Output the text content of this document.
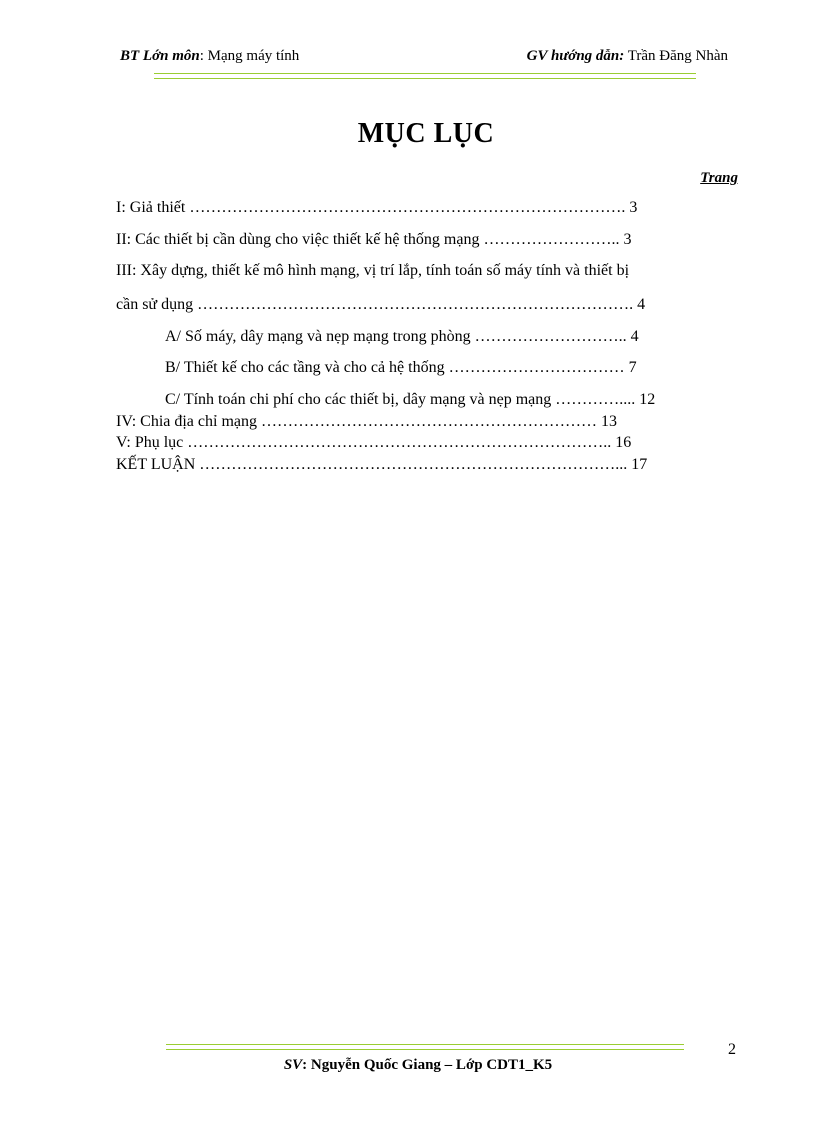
BT Lớn môn: Mạng máy tính	GV hướng dẫn: Trần Đăng Nhàn
MỤC LỤC
Trang
I: Giả thiết ………………………………………………………………………. 3
II: Các thiết bị cần dùng cho việc thiết kế hệ thống mạng …………………….. 3
III: Xây dựng, thiết kế mô hình mạng, vị trí lắp, tính toán số máy tính và thiết bị
cần sử dụng ………………………………………………………………………. 4
A/ Số máy, dây mạng và nẹp mạng trong phòng ……………………….. 4
B/ Thiết kế cho các tầng và cho cả hệ thống …………………………… 7
C/ Tính toán chi phí cho các thiết bị, dây mạng và nẹp mạng ………….... 12
IV: Chia địa chỉ mạng ……………………………………………………… 13
V: Phụ lục …………………………………………………………………….. 16
KẾT LUẬN ……………………………………………………………………... 17
2
SV: Nguyễn Quốc Giang – Lớp CDT1_K5
